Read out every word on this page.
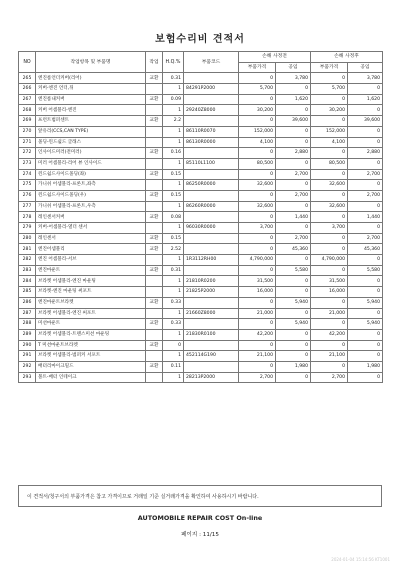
보험수리비 견적서
NO	작업항목 및 부품명	작업	H.Q.%	부품코드	손해 사정전		손해 사정후	
					부품가격	공임	부품가격	공임
265	엔진룸언더커버(리어)	교환	0.31		0	3,780	0	3,780
266	커버-엔진 언더,뒤		1	84291P2000	5,700	0	5,700	0
267	엔진룸내커버	교환	0.09		0	1,620	0	1,620
268	커버 어셈블리-엔진		1	29240Z8000	30,200	0	30,200	0
269	프런트범퍼센트	교환	2.2		0	39,600	0	39,600
270	앞유리(CCS,CAN TYPE)		1	86110R0070	152,000	0	152,000	0
271	몰딩-윈드쉴드 글래스		1	86130R0000	4,100	0	4,100	0
272	인사이드미러(전미러)	교환	0.16		0	2,880	0	2,880
273	미러 어셈블리-리어 뷰 인사이드		1	85110L1100	80,500	0	80,500	0
274	윈드쉴드사이드몰딩(좌)	교환	0.15		0	2,700	0	2,700
275	가니쉬 어셈블리-프론트,좌측		1	86250R0000	32,600	0	32,600	0
276	윈드쉴드사이드몰딩(우)	교환	0.15		0	2,700	0	2,700
277	가니쉬 어셈블리-프론트,우측		1	86260R0000	32,600	0	32,600	0
278	레인센서커버	교환	0.08		0	1,440	0	1,440
279	커버-어셈블리-열더 센서		1	96030R0000	3,700	0	3,700	0
280	레인센서	교환	0.15		0	2,700	0	2,700
281	엔진어셈블리	교환	2.52		0	45,360	0	45,360
282	엔진 어셈블리-서브		1	1R3112RH00	4,790,000	0	4,790,000	0
283	엔진마운트	교환	0.31		0	5,580	0	5,580
284	브라켓 어셈블리-엔진 마운팅		1	21810R0200	31,500	0	31,500	0
285	브라켓-엔진 마운팅 써포트		1	21825P2000	16,000	0	16,000	0
286	엔진마운트브라켓	교환	0.33		0	5,940	0	5,940
287	브라켓 어셈블리-엔진 써포트		1	21660Z8000	21,000	0	21,000	0
288	미션마운트	교환	0.33		0	5,940	0	5,940
289	브라켓 어셈블리-트랜스미션 마운팅		1	21830R0100	42,200	0	42,200	0
290	T 미션마운트브라켓	교환	0		0	0	0	0
291	브라켓 어셈블리-범퍼커 서포트		1	452114G190	21,100	0	21,100	0
292	배터리마이크밀드	교환	0.11		0	1,980	0	1,980
293	볼트-배터 인테이크		1	28213P2000	2,700	0	2,700	0
이 견적서/청구서의 부품가격은 참고 가격이므로 거래일 기준 실거래가격을 확인하여 사용하시기 바랍니다.
AUTOMOBILE REPAIR COST On-line
페이지 : 11/15
2024-01-04 15:14:56 KT1001
